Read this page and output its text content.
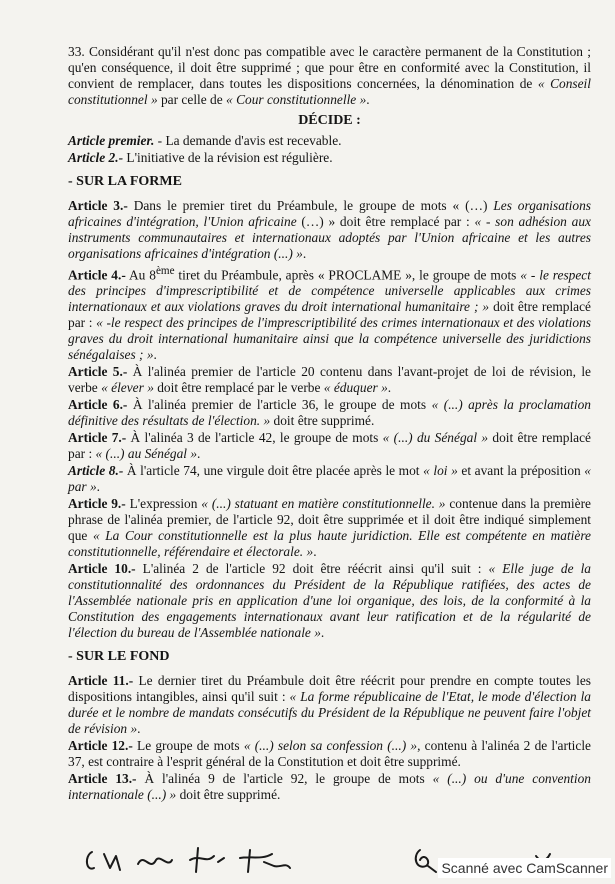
33. Considérant qu'il n'est donc pas compatible avec le caractère permanent de la Constitution ; qu'en conséquence, il doit être supprimé ; que pour être en conformité avec la Constitution, il convient de remplacer, dans toutes les dispositions concernées, la dénomination de « Conseil constitutionnel » par celle de « Cour constitutionnelle ».

DÉCIDE :

Article premier. - La demande d'avis est recevable.

Article 2.- L'initiative de la révision est régulière.

- SUR LA FORME

Article 3.- Dans le premier tiret du Préambule, le groupe de mots « (…) Les organisations africaines d'intégration, l'Union africaine (…) » doit être remplacé par : « - son adhésion aux instruments communautaires et internationaux adoptés par l'Union africaine et les autres organisations africaines d'intégration (...) ».

Article 4.- Au 8ème tiret du Préambule, après « PROCLAME », le groupe de mots « - le respect des principes d'imprescriptibilité et de compétence universelle applicables aux crimes internationaux et aux violations graves du droit international humanitaire ; » doit être remplacé par : « -le respect des principes de l'imprescriptibilité des crimes internationaux et des violations graves du droit international humanitaire ainsi que la compétence universelle des juridictions sénégalaises ; ».

Article 5.- À l'alinéa premier de l'article 20 contenu dans l'avant-projet de loi de révision, le verbe « élever » doit être remplacé par le verbe « éduquer ».

Article 6.- À l'alinéa premier de l'article 36, le groupe de mots « (...) après la proclamation définitive des résultats de l'élection. » doit être supprimé.

Article 7.- À l'alinéa 3 de l'article 42, le groupe de mots « (...) du Sénégal » doit être remplacé par : « (...) au Sénégal ».

Article 8.- À l'article 74, une virgule doit être placée après le mot « loi » et avant la préposition « par ».

Article 9.- L'expression « (...) statuant en matière constitutionnelle. » contenue dans la première phrase de l'alinéa premier, de l'article 92, doit être supprimée et il doit être indiqué simplement que « La Cour constitutionnelle est la plus haute juridiction. Elle est compétente en matière constitutionnelle, référendaire et électorale. ».

Article 10.- L'alinéa 2 de l'article 92 doit être réécrit ainsi qu'il suit : « Elle juge de la constitutionnalité des ordonnances du Président de la République ratifiées, des actes de l'Assemblée nationale pris en application d'une loi organique, des lois, de la conformité à la Constitution des engagements internationaux avant leur ratification et de la régularité de l'élection du bureau de l'Assemblée nationale ».

- SUR LE FOND

Article 11.- Le dernier tiret du Préambule doit être réécrit pour prendre en compte toutes les dispositions intangibles, ainsi qu'il suit : « La forme républicaine de l'Etat, le mode d'élection la durée et le nombre de mandats consécutifs du Président de la République ne peuvent faire l'objet de révision ».

Article 12.- Le groupe de mots « (...) selon sa confession (...) », contenu à l'alinéa 2 de l'article 37, est contraire à l'esprit général de la Constitution et doit être supprimé.

Article 13.- À l'alinéa 9 de l'article 92, le groupe de mots « (...) ou d'une convention internationale (...) » doit être supprimé.

Scanné avec CamScanner
